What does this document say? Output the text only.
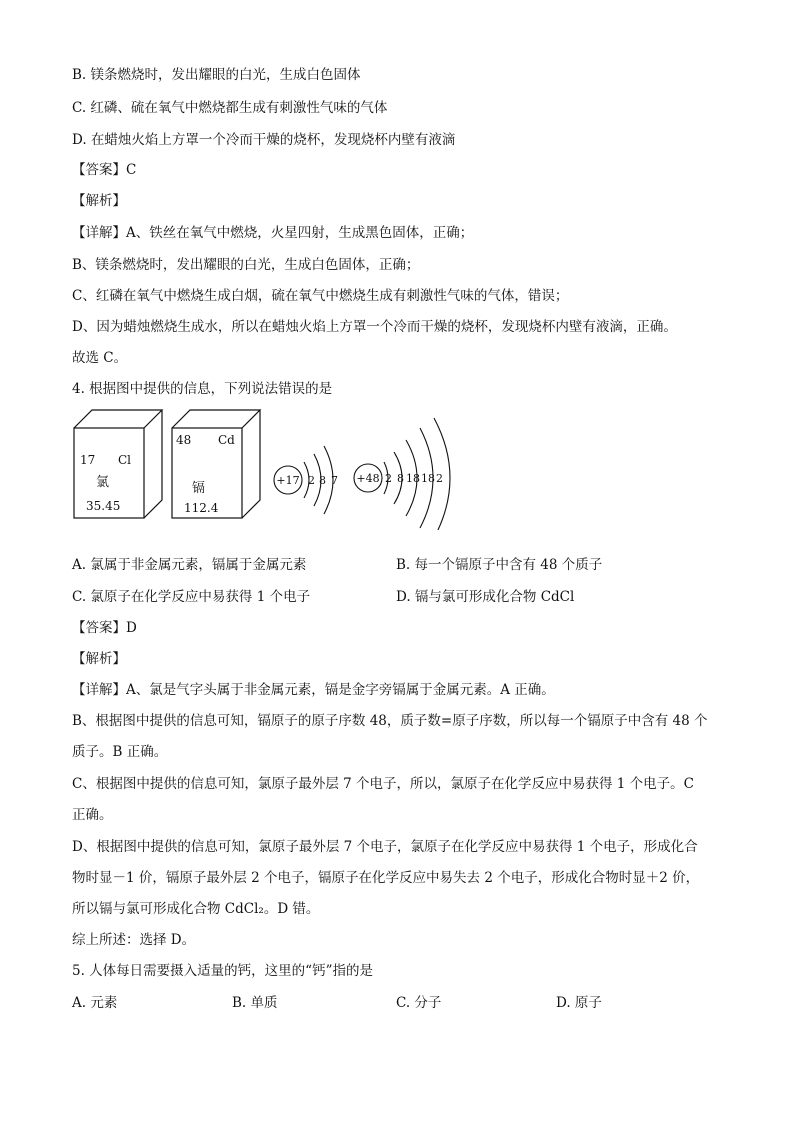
B. 镁条燃烧时，发出耀眼的白光，生成白色固体
C. 红磷、硫在氧气中燃烧都生成有刺激性气味的气体
D. 在蜡烛火焰上方罩一个冷而干燥的烧杯，发现烧杯内壁有液滴
【答案】C
【解析】
【详解】A、铁丝在氧气中燃烧，火星四射，生成黑色固体，正确；
B、镁条燃烧时，发出耀眼的白光，生成白色固体，正确；
C、红磷在氧气中燃烧生成白烟，硫在氧气中燃烧生成有刺激性气味的气体，错误；
D、因为蜡烛燃烧生成水，所以在蜡烛火焰上方罩一个冷而干燥的烧杯，发现烧杯内壁有液滴，正确。
故选 C。
4. 根据图中提供的信息，下列说法错误的是
17 Cl
氯
35.45
48 Cd
镉
112.4
+17 2 8 7 +48 2 8 18 18 2
A. 氯属于非金属元素，镉属于金属元素	B. 每一个镉原子中含有 48 个质子
C. 氯原子在化学反应中易获得 1 个电子	D. 镉与氯可形成化合物 CdCl
【答案】D
【解析】
【详解】A、氯是气字头属于非金属元素，镉是金字旁镉属于金属元素。A 正确。
B、根据图中提供的信息可知，镉原子的原子序数 48，质子数=原子序数，所以每一个镉原子中含有 48 个
质子。B 正确。
C、根据图中提供的信息可知，氯原子最外层 7 个电子，所以，氯原子在化学反应中易获得 1 个电子。C
正确。
D、根据图中提供的信息可知，氯原子最外层 7 个电子，氯原子在化学反应中易获得 1 个电子，形成化合
物时显－1 价，镉原子最外层 2 个电子，镉原子在化学反应中易失去 2 个电子，形成化合物时显＋2 价，
所以镉与氯可形成化合物 CdCl₂。D 错。
综上所述：选择 D。
5. 人体每日需要摄入适量的钙，这里的“钙”指的是
A. 元素	B. 单质	C. 分子	D. 原子
